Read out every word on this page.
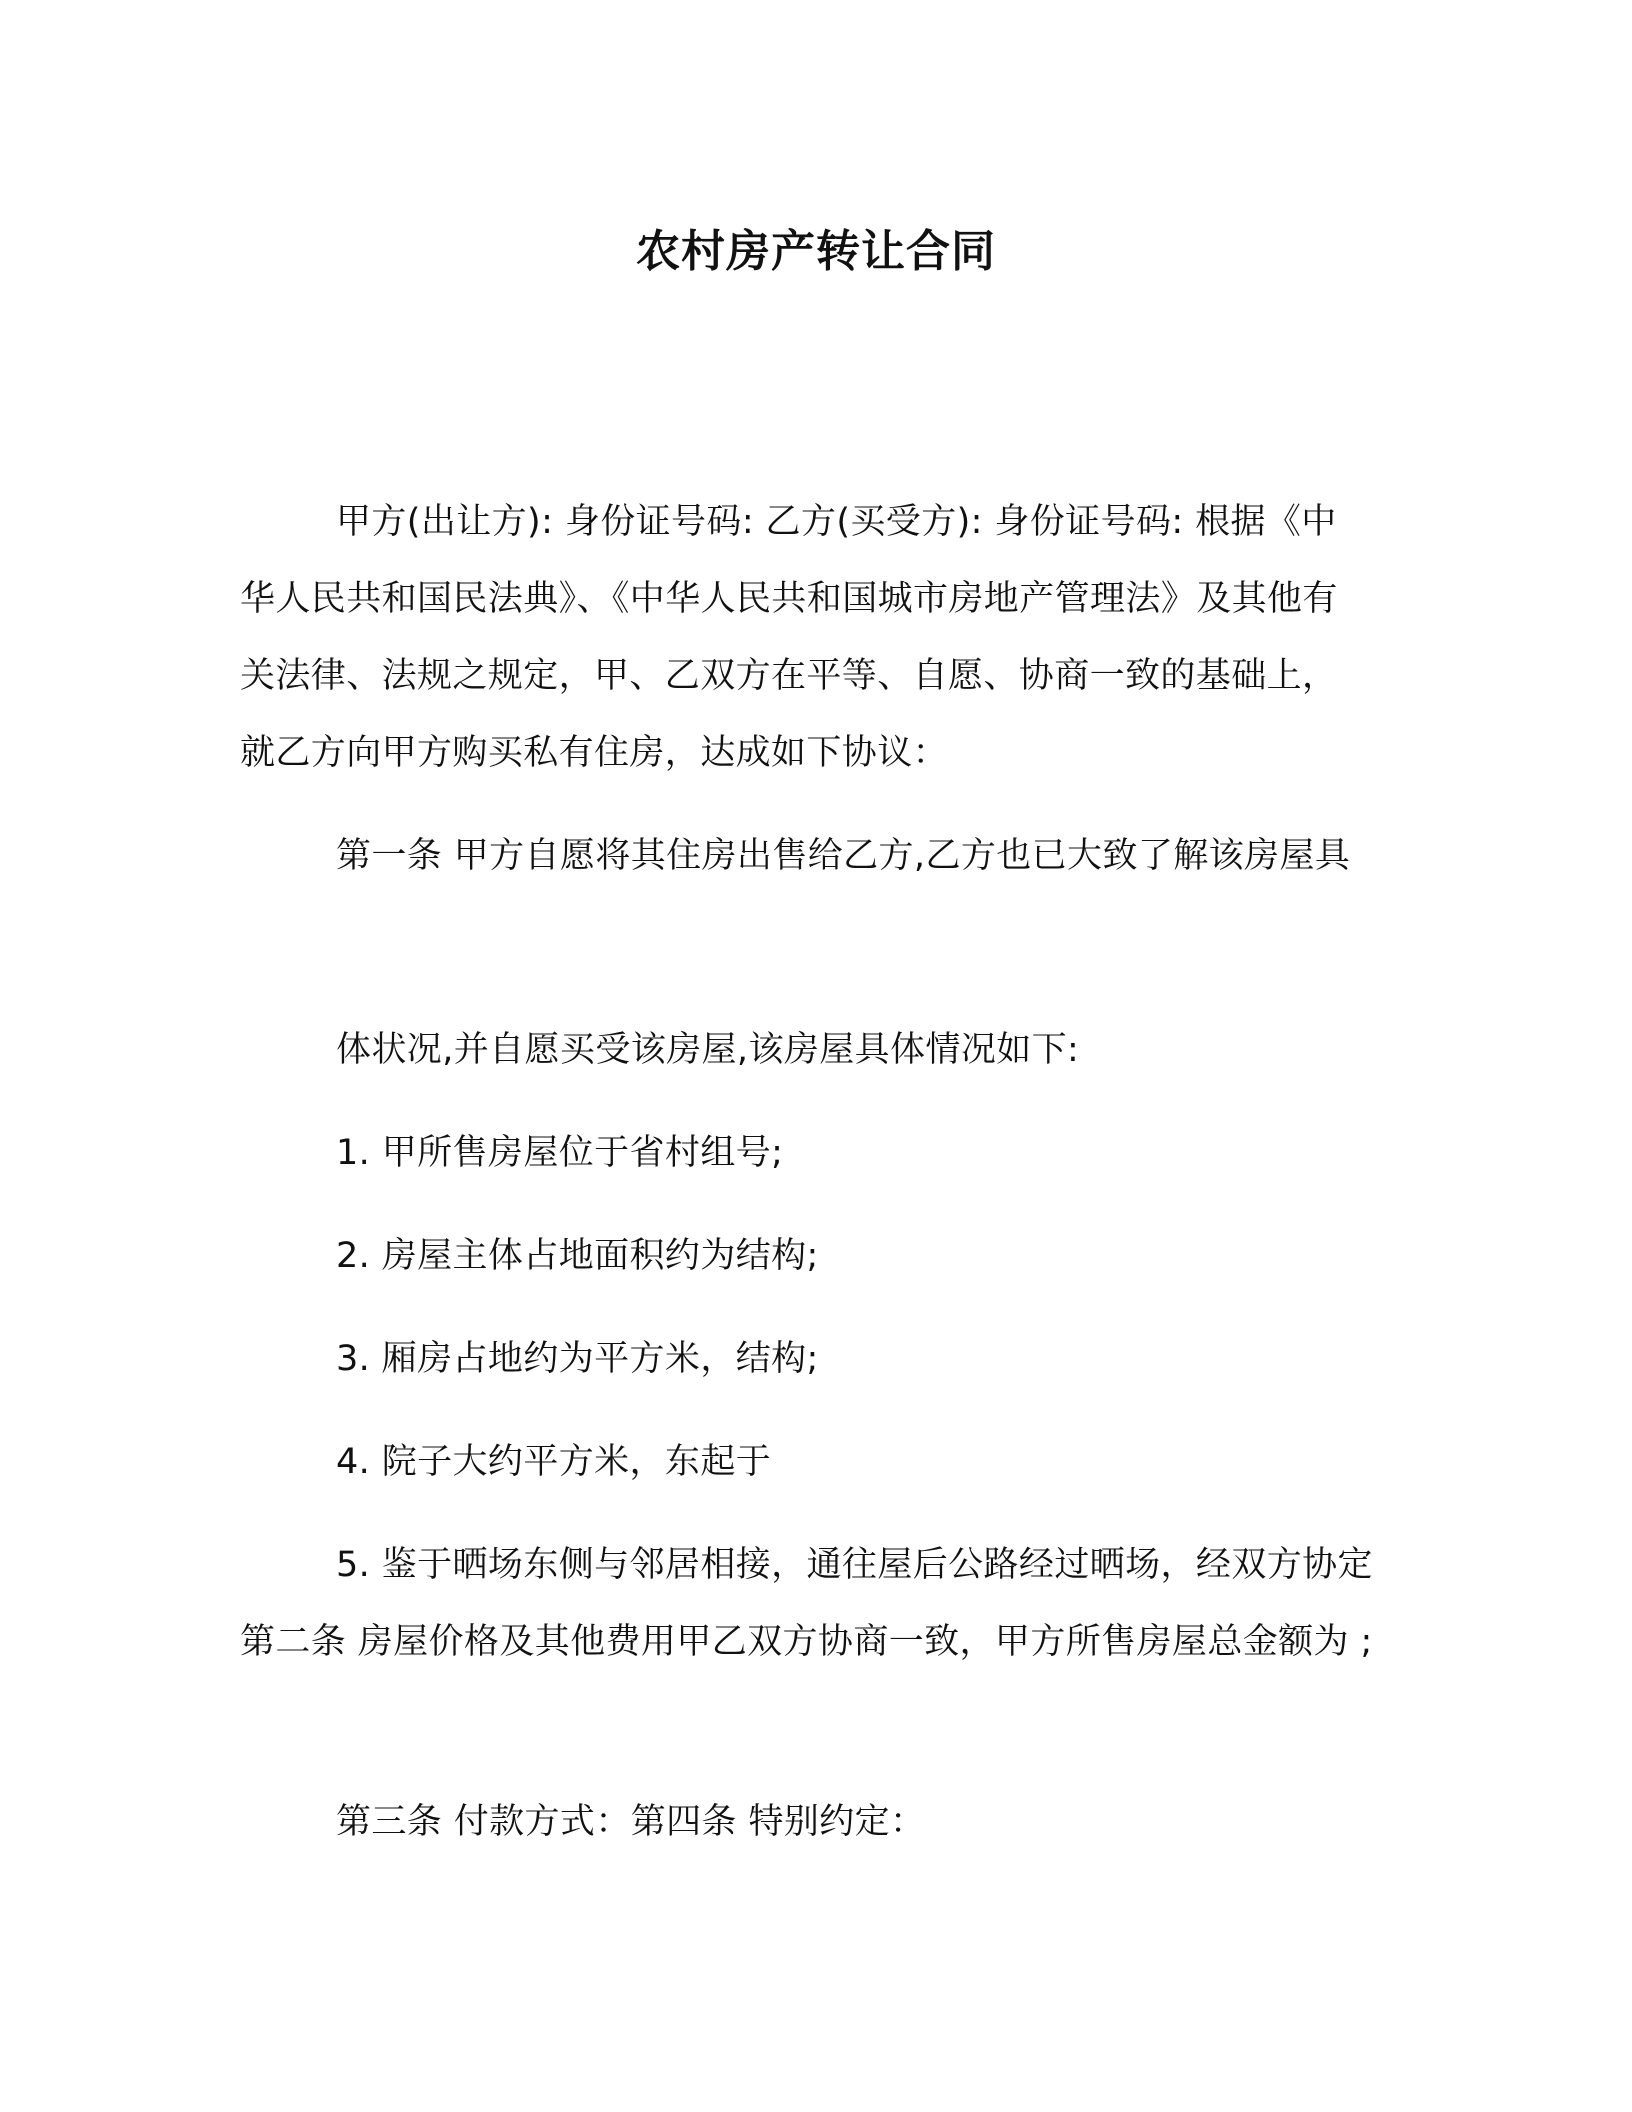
农村房产转让合同

甲方(出让方): 身份证号码: 乙方(买受方): 身份证号码: 根据《中华人民共和国民法典》、《中华人民共和国城市房地产管理法》及其他有关法律、法规之规定，甲、乙双方在平等、自愿、协商一致的基础上，就乙方向甲方购买私有住房，达成如下协议：

第一条 甲方自愿将其住房出售给乙方,乙方也已大致了解该房屋具

体状况,并自愿买受该房屋,该房屋具体情况如下:

1. 甲所售房屋位于省村组号;

2. 房屋主体占地面积约为结构;

3. 厢房占地约为平方米，结构;

4. 院子大约平方米，东起于

5. 鉴于晒场东侧与邻居相接，通往屋后公路经过晒场，经双方协定 第二条 房屋价格及其他费用甲乙双方协商一致，甲方所售房屋总金额为 ;

第三条 付款方式：第四条 特别约定：
